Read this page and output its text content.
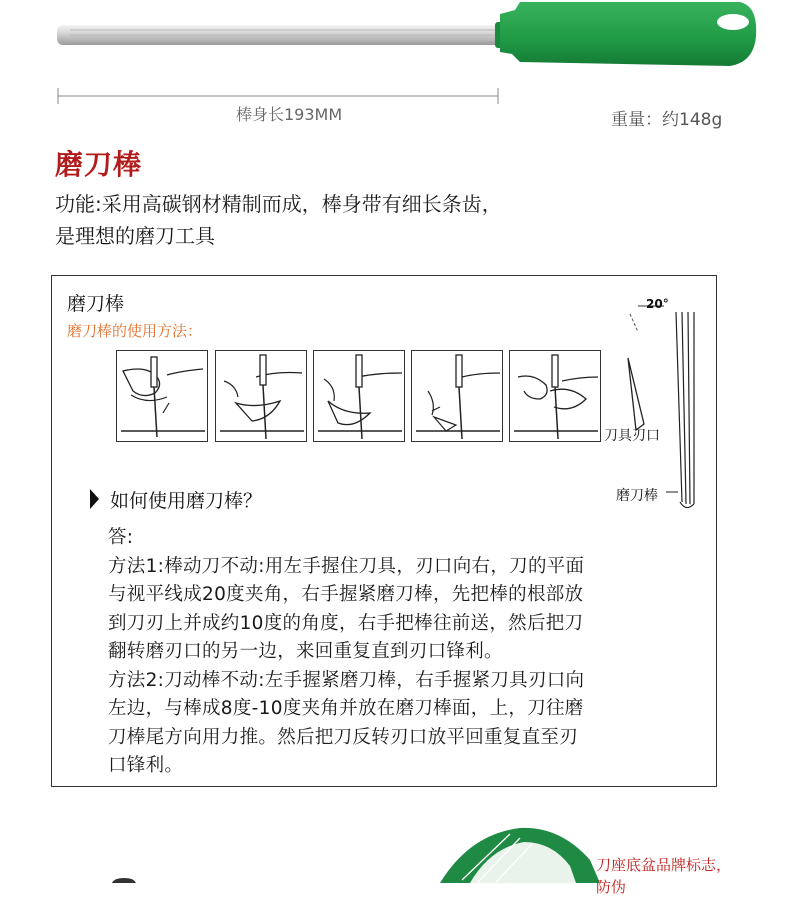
棒身长193MM	重量：约148g
磨刀棒
功能:采用高碳钢材精制而成，棒身带有细长条齿，
是理想的磨刀工具
磨刀棒
磨刀棒的使用方法：
20°
刀具刃口
磨刀棒
如何使用磨刀棒？

答:

方法1:棒动刀不动:用左手握住刀具，刃口向右，刀的平面

与视平线成20度夹角，右手握紧磨刀棒，先把棒的根部放

到刀刃上并成约10度的角度，右手把棒往前送，然后把刀

翻转磨刃口的另一边，来回重复直到刃口锋利。

方法2:刀动棒不动:左手握紧磨刀棒，右手握紧刀具刃口向

左边，与棒成8度-10度夹角并放在磨刀棒面，上，刀往磨

刀棒尾方向用力推。然后把刀反转刃口放平回重复直至刃

口锋利。

刀座底盆品牌标志，
防伪
